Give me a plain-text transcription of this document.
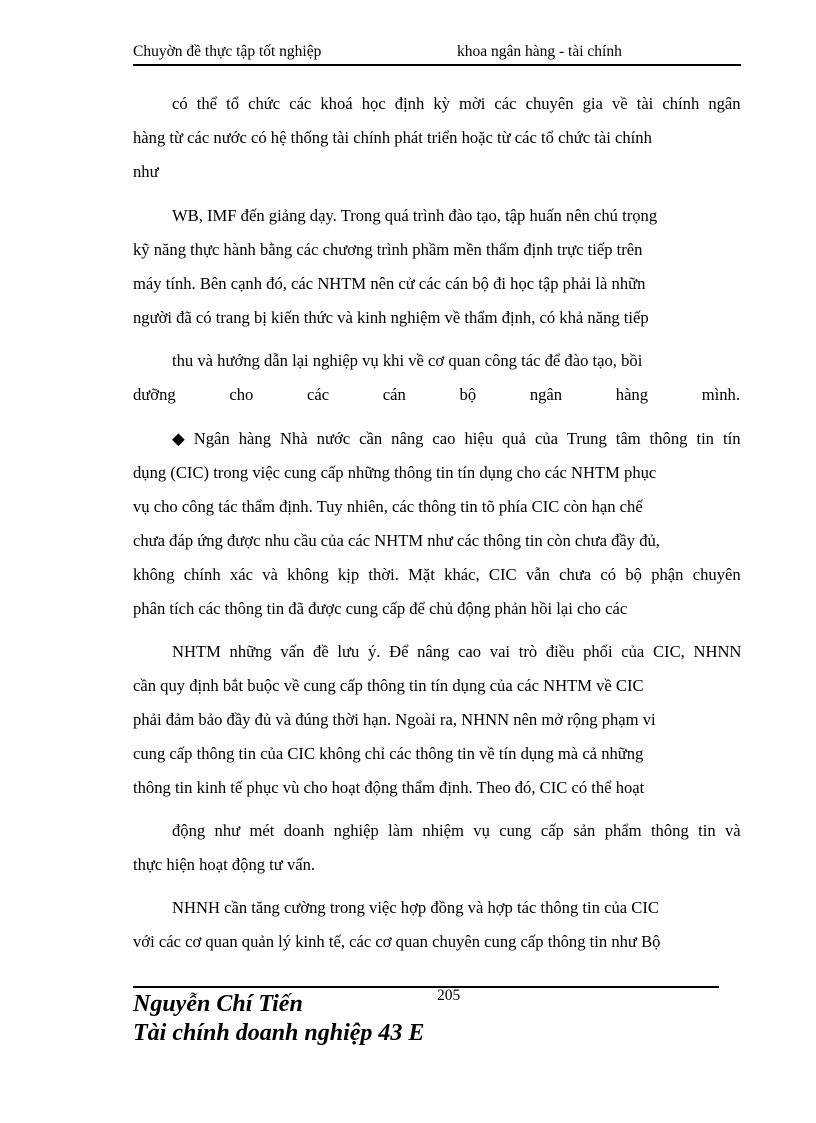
Chuyờn đề thực tập tốt nghiệp	khoa ngân hàng - tài chính
có thể tổ chức các khoá học định kỳ mời các chuyên gia về tài chính ngân
hàng từ các nước có hệ thống tài chính phát triển hoặc từ các tổ chức tài chính
như
WB, IMF đến giảng dạy. Trong quá trình đào tạo, tập huấn nên chú trọng
kỹ năng thực hành bằng các chương trình phầm mền thẩm định trực tiếp trên
máy tính. Bên cạnh đó, các NHTM nên cử các cán bộ đi học tập phải là nhữn
người đã có trang bị kiến thức và kinh nghiệm về thẩm định, có khả năng tiếp
thu và hướng dẫn lại nghiệp vụ khi về cơ quan công tác để đào tạo, bồi
dưỡng cho các cán bộ ngân hàng mình.
◆ Ngân hàng Nhà nước cần nâng cao hiệu quả của Trung tâm thông tin tín
dụng (CIC) trong việc cung cấp những thông tin tín dụng cho các NHTM phục
vụ cho công tác thẩm định. Tuy nhiên, các thông tin tõ phía CIC còn hạn chế
chưa đáp ứng được nhu cầu của các NHTM như các thông tin còn chưa đầy đủ,
không chính xác và không kịp thời. Mặt khác, CIC vẫn chưa có bộ phận chuyên
phân tích các thông tin đã được cung cấp để chủ động phản hồi lại cho các
NHTM những vấn đề lưu ý. Để nâng cao vai trò điều phối của CIC, NHNN
cần quy định bắt buộc về cung cấp thông tin tín dụng của các NHTM về CIC
phải đảm bảo đầy đủ và đúng thời hạn. Ngoài ra, NHNN nên mở rộng phạm vi
cung cấp thông tin của CIC không chỉ các thông tin về tín dụng mà cả những
thông tin kinh tế phục vù cho hoạt động thẩm định. Theo đó, CIC có thể hoạt
động như mét doanh nghiệp làm nhiệm vụ cung cấp sản phẩm thông tin và
thực hiện hoạt động tư vấn.
NHNH cần tăng cường trong việc hợp đồng và hợp tác thông tin của CIC
với các cơ quan quản lý kinh tế, các cơ quan chuyên cung cấp thông tin như Bộ
205
Nguyễn Chí Tiến
Tài chính doanh nghiệp 43 E
